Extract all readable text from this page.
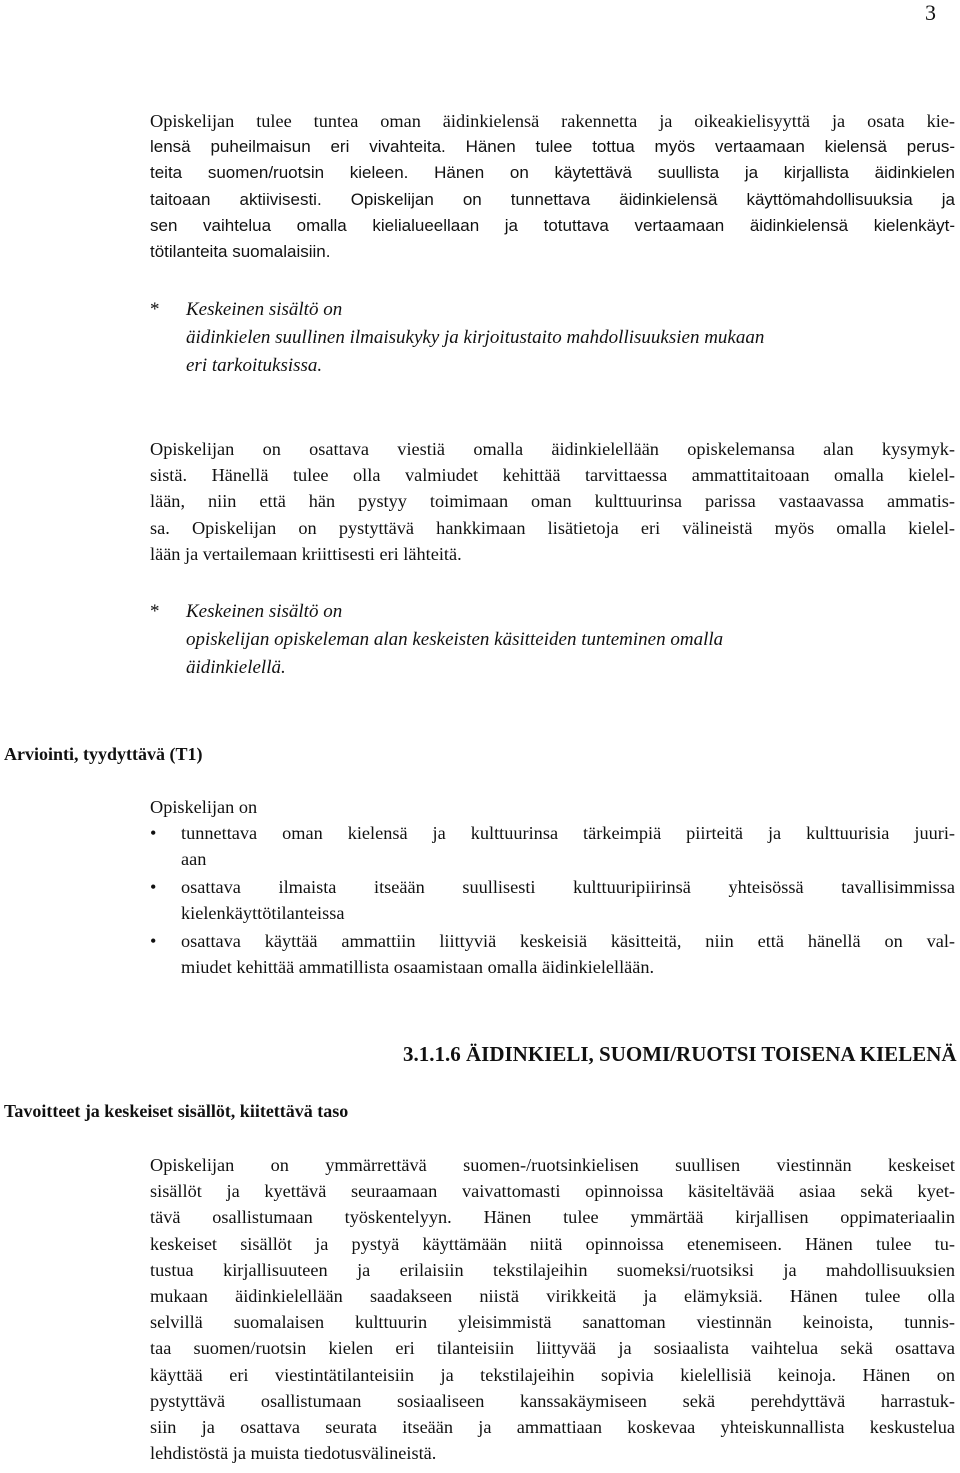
3
Opiskelijan tulee tuntea oman äidinkielensä rakennetta ja oikeakielisyyttä ja osata kie-
lensä puheilmaisun eri vivahteita. Hänen tulee tottua myös vertaamaan kielensä perus-
teita suomen/ruotsin kieleen. Hänen on käytettävä suullista ja kirjallista äidinkielen
taitoaan aktiivisesti. Opiskelijan on tunnettava äidinkielensä käyttömahdollisuuksia ja
sen vaihtelua omalla kielialueellaan ja totuttava vertaamaan äidinkielensä kielenkäyt-
tötilanteita suomalaisiin.
*	Keskeinen sisältö on
äidinkielen suullinen ilmaisukyky ja kirjoitustaito mahdollisuuksien mukaan
eri tarkoituksissa.
Opiskelijan on osattava viestiä omalla äidinkielellään opiskelemansa alan kysymyk-
sistä. Hänellä tulee olla valmiudet kehittää tarvittaessa ammattitaitoaan omalla kielel-
lään, niin että hän pystyy toimimaan oman kulttuurinsa parissa vastaavassa ammatis-
sa. Opiskelijan on pystyttävä hankkimaan lisätietoja eri välineistä myös omalla kielel-
lään ja vertailemaan kriittisesti eri lähteitä.
*	Keskeinen sisältö on
opiskelijan opiskeleman alan keskeisten käsitteiden tunteminen omalla
äidinkielellä.
Arviointi, tyydyttävä (T1)
Opiskelijan on
• tunnettava oman kielensä ja kulttuurinsa tärkeimpiä piirteitä ja kulttuurisia juuri-
aan
• osattava ilmaista itseään suullisesti kulttuuripiirinsä yhteisössä tavallisimmissa
kielenkäyttötilanteissa
• osattava käyttää ammattiin liittyviä keskeisiä käsitteitä, niin että hänellä on val-
miudet kehittää ammatillista osaamistaan omalla äidinkielellään.
3.1.1.6 ÄIDINKIELI, SUOMI/RUOTSI TOISENA KIELENÄ
Tavoitteet ja keskeiset sisällöt, kiitettävä taso
Opiskelijan on ymmärrettävä suomen-/ruotsinkielisen suullisen viestinnän keskeiset
sisällöt ja kyettävä seuraamaan vaivattomasti opinnoissa käsiteltävää asiaa sekä kyet-
tävä osallistumaan työskentelyyn. Hänen tulee ymmärtää kirjallisen oppimateriaalin
keskeiset sisällöt ja pystyä käyttämään niitä opinnoissa etenemiseen. Hänen tulee tu-
tustua kirjallisuuteen ja erilaisiin tekstilajeihin suomeksi/ruotsiksi ja mahdollisuuksien
mukaan äidinkielellään saadakseen niistä virikkeitä ja elämyksiä. Hänen tulee olla
selvillä suomalaisen kulttuurin yleisimmistä sanattoman viestinnän keinoista, tunnis-
taa suomen/ruotsin kielen eri tilanteisiin liittyvää ja sosiaalista vaihtelua sekä osattava
käyttää eri viestintätilanteisiin ja tekstilajeihin sopivia kielellisiä keinoja. Hänen on
pystyttävä osallistumaan sosiaaliseen kanssakäymiseen sekä perehdyttävä harrastuk-
siin ja osattava seurata itseään ja ammattiaan koskevaa yhteiskunnallista keskustelua
lehdistöstä ja muista tiedotusvälineistä.
